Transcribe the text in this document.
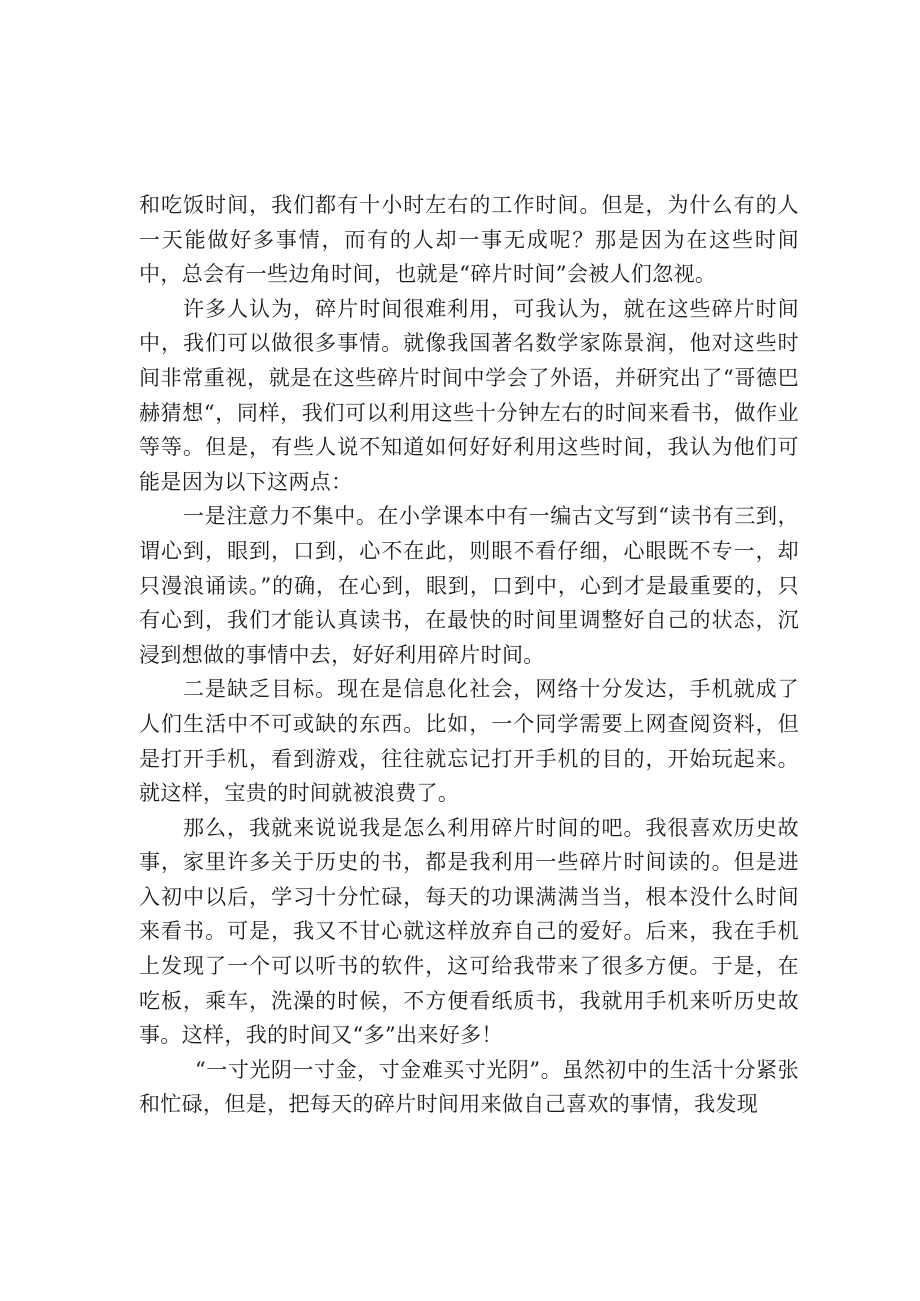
和吃饭时间，我们都有十小时左右的工作时间。但是，为什么有的人一天能做好多事情，而有的人却一事无成呢？那是因为在这些时间中，总会有一些边角时间，也就是“碎片时间”会被人们忽视。

许多人认为，碎片时间很难利用，可我认为，就在这些碎片时间中，我们可以做很多事情。就像我国著名数学家陈景润，他对这些时间非常重视，就是在这些碎片时间中学会了外语，并研究出了“哥德巴赫猜想“，同样，我们可以利用这些十分钟左右的时间来看书，做作业等等。但是，有些人说不知道如何好好利用这些时间，我认为他们可能是因为以下这两点：

一是注意力不集中。在小学课本中有一编古文写到“读书有三到，谓心到，眼到，口到，心不在此，则眼不看仔细，心眼既不专一，却只漫浪诵读。”的确，在心到，眼到，口到中，心到才是最重要的，只有心到，我们才能认真读书，在最快的时间里调整好自己的状态，沉浸到想做的事情中去，好好利用碎片时间。

二是缺乏目标。现在是信息化社会，网络十分发达，手机就成了人们生活中不可或缺的东西。比如，一个同学需要上网查阅资料，但是打开手机，看到游戏，往往就忘记打开手机的目的，开始玩起来。就这样，宝贵的时间就被浪费了。

那么，我就来说说我是怎么利用碎片时间的吧。我很喜欢历史故事，家里许多关于历史的书，都是我利用一些碎片时间读的。但是进入初中以后，学习十分忙碌，每天的功课满满当当，根本没什么时间来看书。可是，我又不甘心就这样放弃自己的爱好。后来，我在手机上发现了一个可以听书的软件，这可给我带来了很多方便。于是，在吃板，乘车，洗澡的时候，不方便看纸质书，我就用手机来听历史故事。这样，我的时间又“多”出来好多！

“一寸光阴一寸金，寸金难买寸光阴”。虽然初中的生活十分紧张和忙碌，但是，把每天的碎片时间用来做自己喜欢的事情，我发现
